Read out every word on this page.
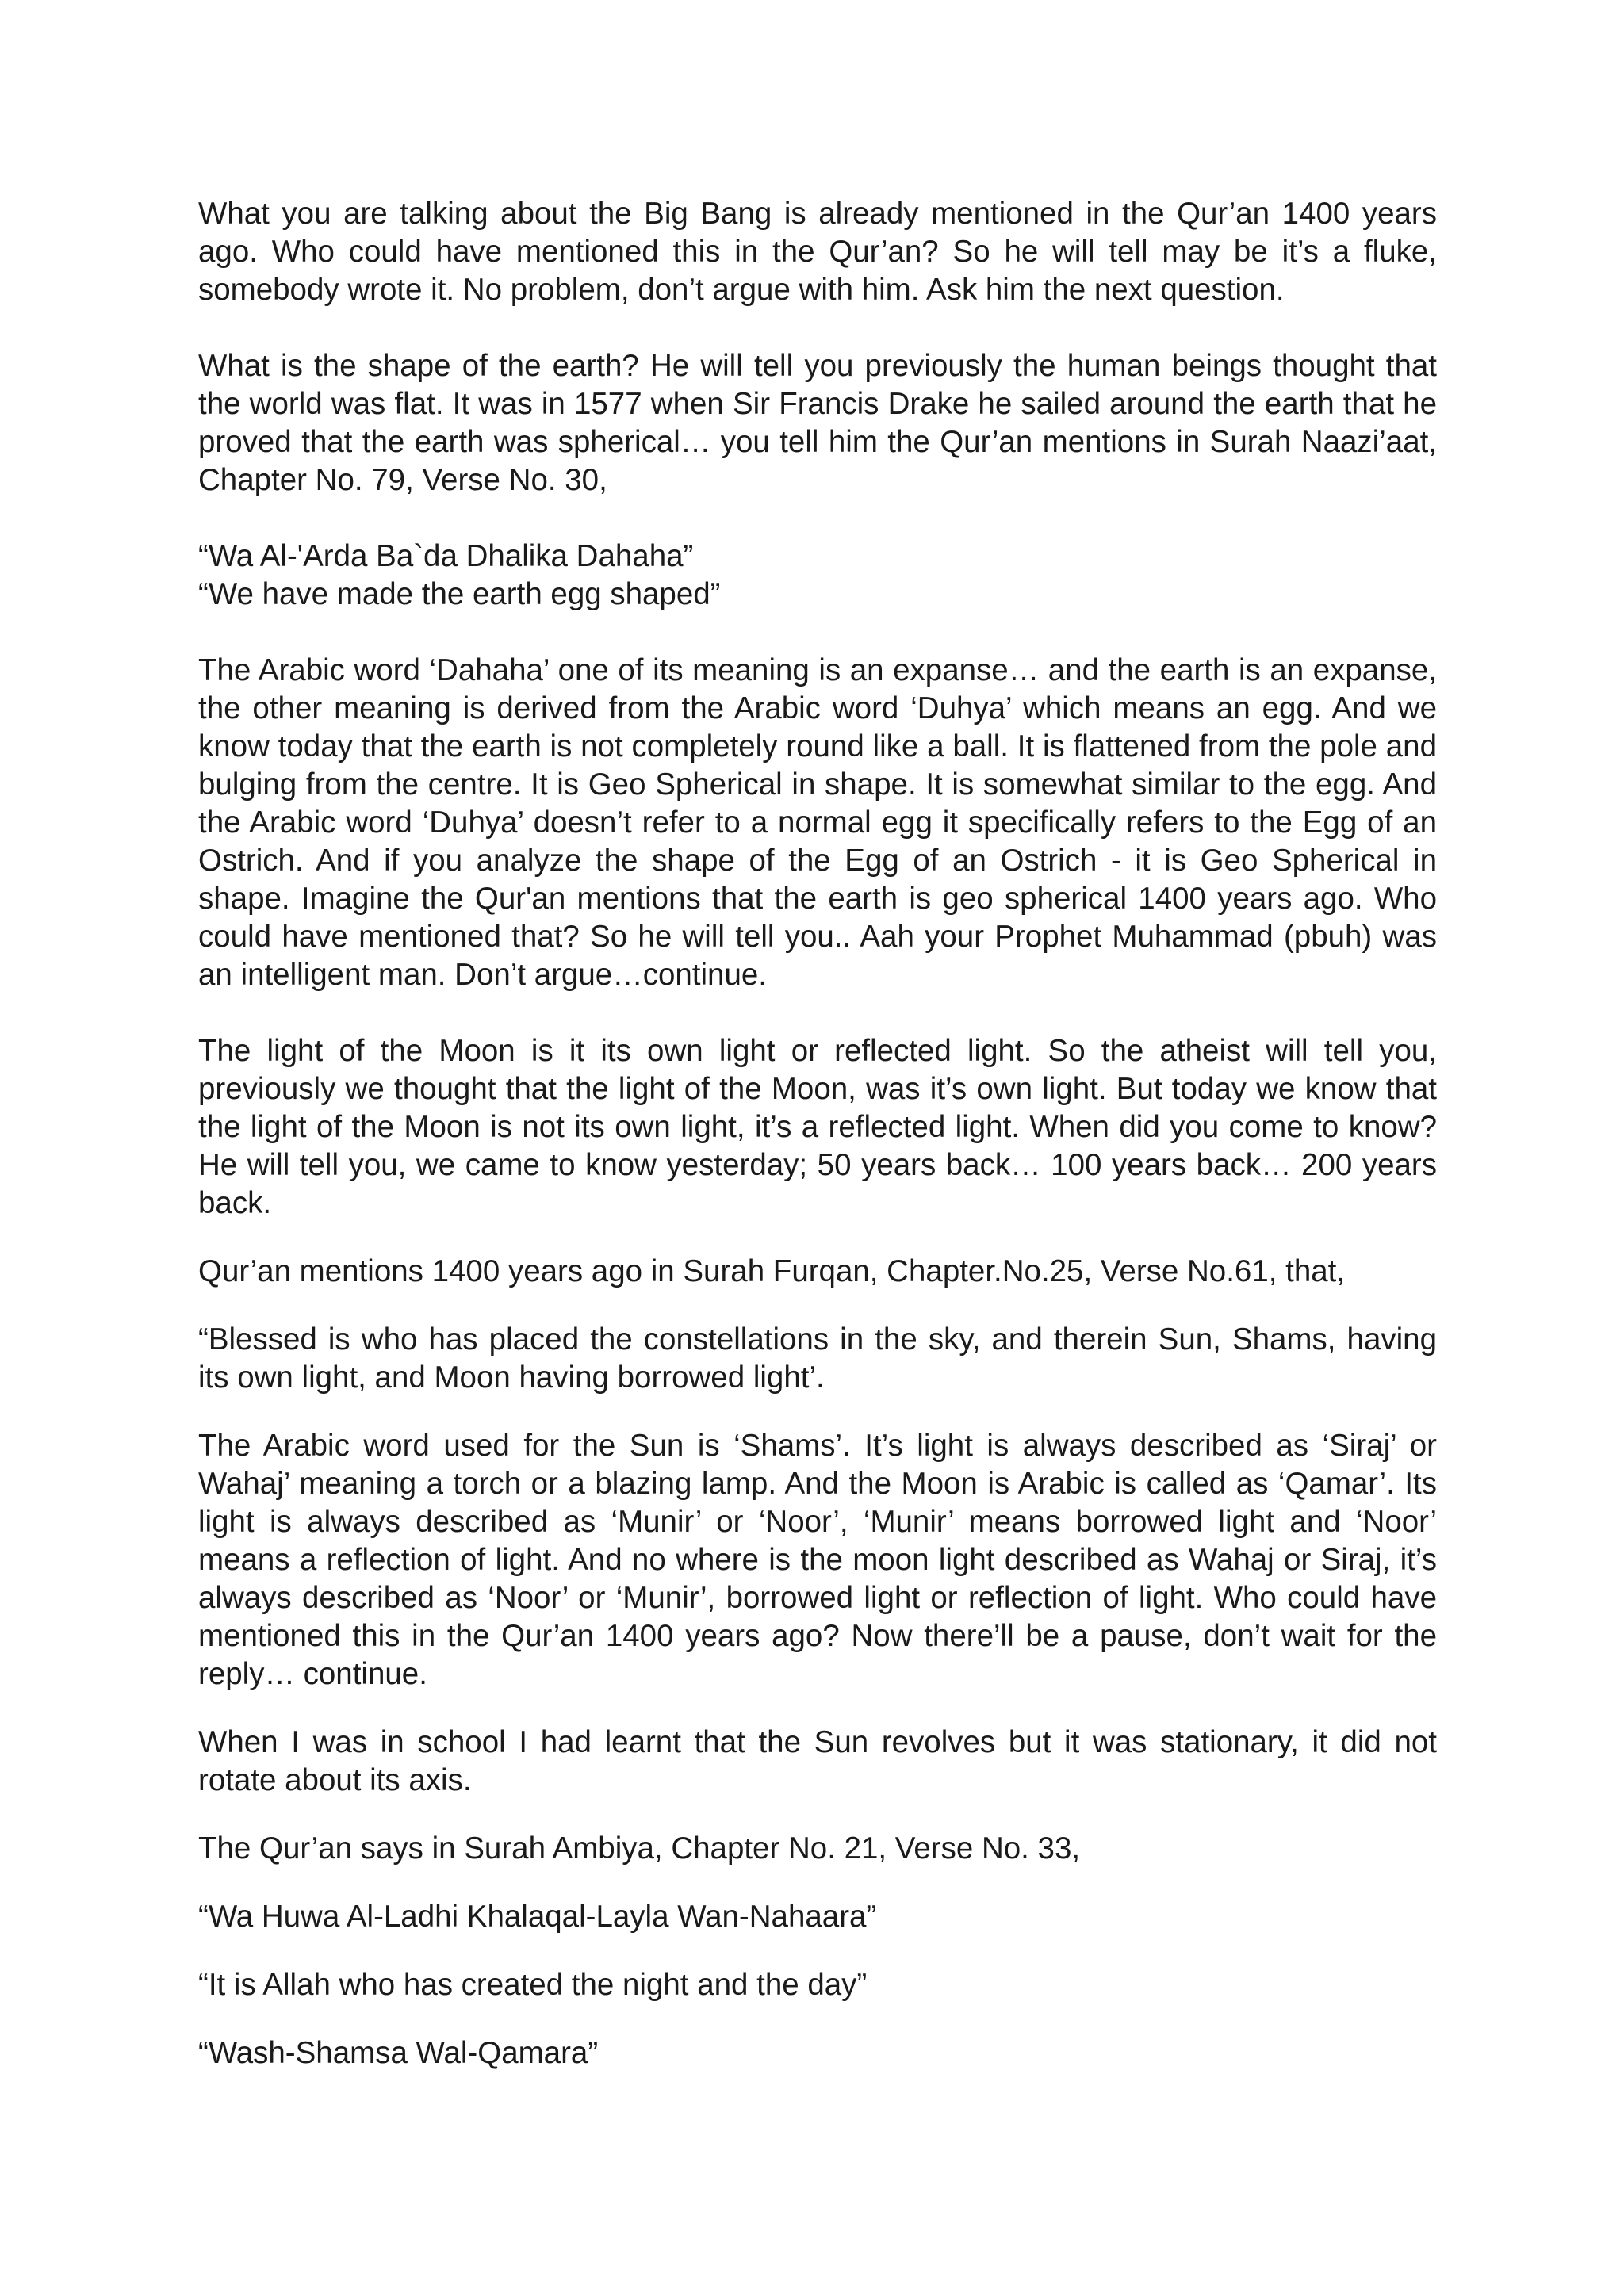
What you are talking about the Big Bang is already mentioned in the Qur’an 1400 years ago. Who could have mentioned this in the Qur’an? So he will tell may be it’s a fluke, somebody wrote it. No problem, don’t argue with him. Ask him the next question.

What is the shape of the earth? He will tell you previously the human beings thought that the world was flat. It was in 1577 when Sir Francis Drake he sailed around the earth that he proved that the earth was spherical… you tell him the Qur’an mentions in Surah Naazi’aat, Chapter No. 79, Verse No. 30,

“Wa Al-'Arda Ba`da Dhalika Dahaha”

“We have made the earth egg shaped”

The Arabic word ‘Dahaha’ one of its meaning is an expanse… and the earth is an expanse, the other meaning is derived from the Arabic word ‘Duhya’ which means an egg. And we know today that the earth is not completely round like a ball. It is flattened from the pole and bulging from the centre. It is Geo Spherical in shape. It is somewhat similar to the egg. And the Arabic word ‘Duhya’ doesn’t refer to a normal egg it specifically refers to the Egg of an Ostrich. And if you analyze the shape of the Egg of an Ostrich - it is Geo Spherical in shape. Imagine the Qur'an mentions that the earth is geo spherical 1400 years ago. Who could have mentioned that? So he will tell you.. Aah your Prophet Muhammad (pbuh) was an intelligent man. Don’t argue…continue.

The light of the Moon is it its own light or reflected light. So the atheist will tell you, previously we thought that the light of the Moon, was it’s own light. But today we know that the light of the Moon is not its own light, it’s a reflected light. When did you come to know? He will tell you, we came to know yesterday; 50 years back… 100 years back… 200 years back.

Qur’an mentions 1400 years ago in Surah Furqan, Chapter.No.25, Verse No.61, that,

“Blessed is who has placed the constellations in the sky, and therein Sun, Shams, having its own light, and Moon having borrowed light’.

The Arabic word used for the Sun is ‘Shams’. It’s light is always described as ‘Siraj’ or Wahaj’ meaning a torch or a blazing lamp. And the Moon is Arabic is called as ‘Qamar’. Its light is always described as ‘Munir’ or ‘Noor’, ‘Munir’ means borrowed light and ‘Noor’ means a reflection of light. And no where is the moon light described as Wahaj or Siraj, it’s always described as ‘Noor’ or ‘Munir’, borrowed light or reflection of light. Who could have mentioned this in the Qur’an 1400 years ago? Now there’ll be a pause, don’t wait for the reply… continue.

When I was in school I had learnt that the Sun revolves but it was stationary, it did not rotate about its axis.

The Qur’an says in Surah Ambiya, Chapter No. 21, Verse No. 33,

“Wa Huwa Al-Ladhi Khalaqal-Layla Wan-Nahaara”

“It is Allah who has created the night and the day”

“Wash-Shamsa Wal-Qamara”
